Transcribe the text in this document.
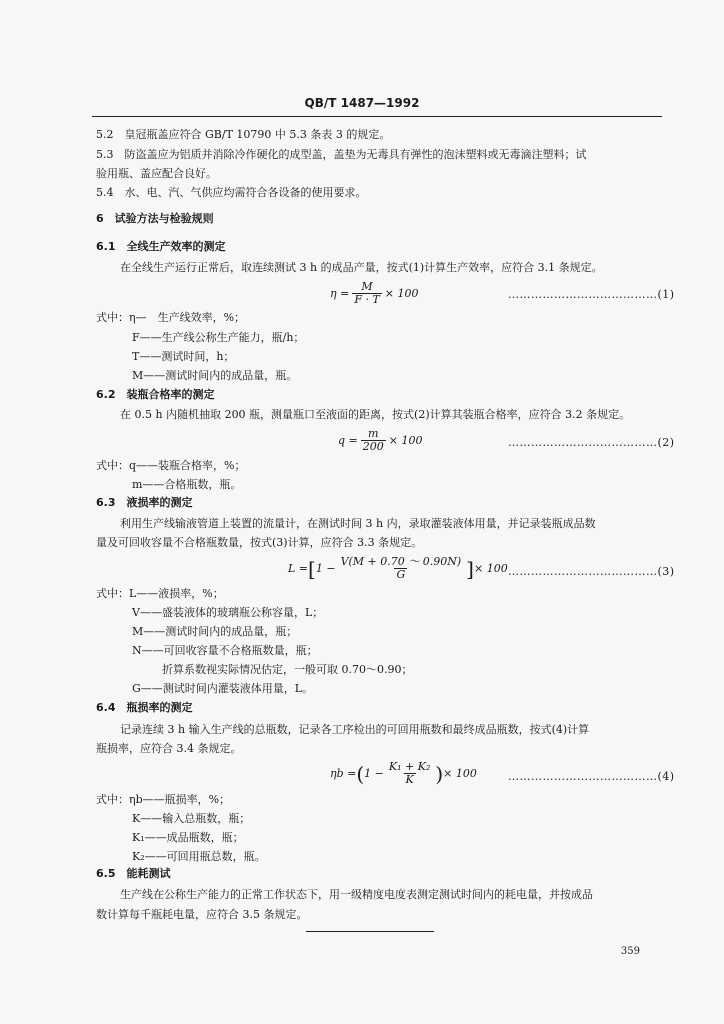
QB/T 1487—1992
5.2　皇冠瓶盖应符合 GB/T 10790 中 5.3 条表 3 的规定。
5.3　防盗盖应为铝质并消除冷作硬化的成型盖，盖垫为无毒具有弹性的泡沫塑料或无毒滴注塑料；试
验用瓶、盖应配合良好。
5.4　水、电、汽、气供应均需符合各设备的使用要求。
6　试验方法与检验规则
6.1　全线生产效率的测定
在全线生产运行正常后，取连续测试 3 h 的成品产量，按式(1)计算生产效率，应符合 3.1 条规定。
$\eta = \frac{M}{F \cdot T} \times 100$	…………………………………(1)
式中：η—　生产线效率，%；
F——生产线公称生产能力，瓶/h；
T——测试时间，h；
M——测试时间内的成品量，瓶。
6.2　装瓶合格率的测定
在 0.5 h 内随机抽取 200 瓶，测量瓶口至液面的距离，按式(2)计算其装瓶合格率，应符合 3.2 条规定。
$q = \frac{m}{200} \times 100$	…………………………………(2)
式中：q——装瓶合格率，%；
m——合格瓶数，瓶。
6.3　液损率的测定
利用生产线输液管道上装置的流量计，在测试时间 3 h 内，录取灌装液体用量，并记录装瓶成品数
量及可回收容量不合格瓶数量，按式(3)计算，应符合 3.3 条规定。
L = [ $1 - \frac{V(M + 0.70 \sim 0.90N)}{G}$ ] × 100 …………………………………(3)
式中：L——液损率，%；
V——盛装液体的玻璃瓶公称容量，L；
M——测试时间内的成品量，瓶；
N——可回收容量不合格瓶数量，瓶；
折算系数视实际情况估定，一般可取 0.70～0.90；
G——测试时间内灌装液体用量，L。
6.4　瓶损率的测定
记录连续 3 h 输入生产线的总瓶数，记录各工序检出的可回用瓶数和最终成品瓶数，按式(4)计算
瓶损率，应符合 3.4 条规定。
ηb = ( $1 - \frac{\text{K₁ + K₂}}{K}$ ) × 100	…………………………………(4)
式中：ηb——瓶损率，%；
K——输入总瓶数，瓶；
K₁——成品瓶数，瓶；
K₂——可回用瓶总数，瓶。
6.5　能耗测试
生产线在公称生产能力的正常工作状态下，用一级精度电度表测定测试时间内的耗电量，并按成品
数计算每千瓶耗电量，应符合 3.5 条规定。
359
